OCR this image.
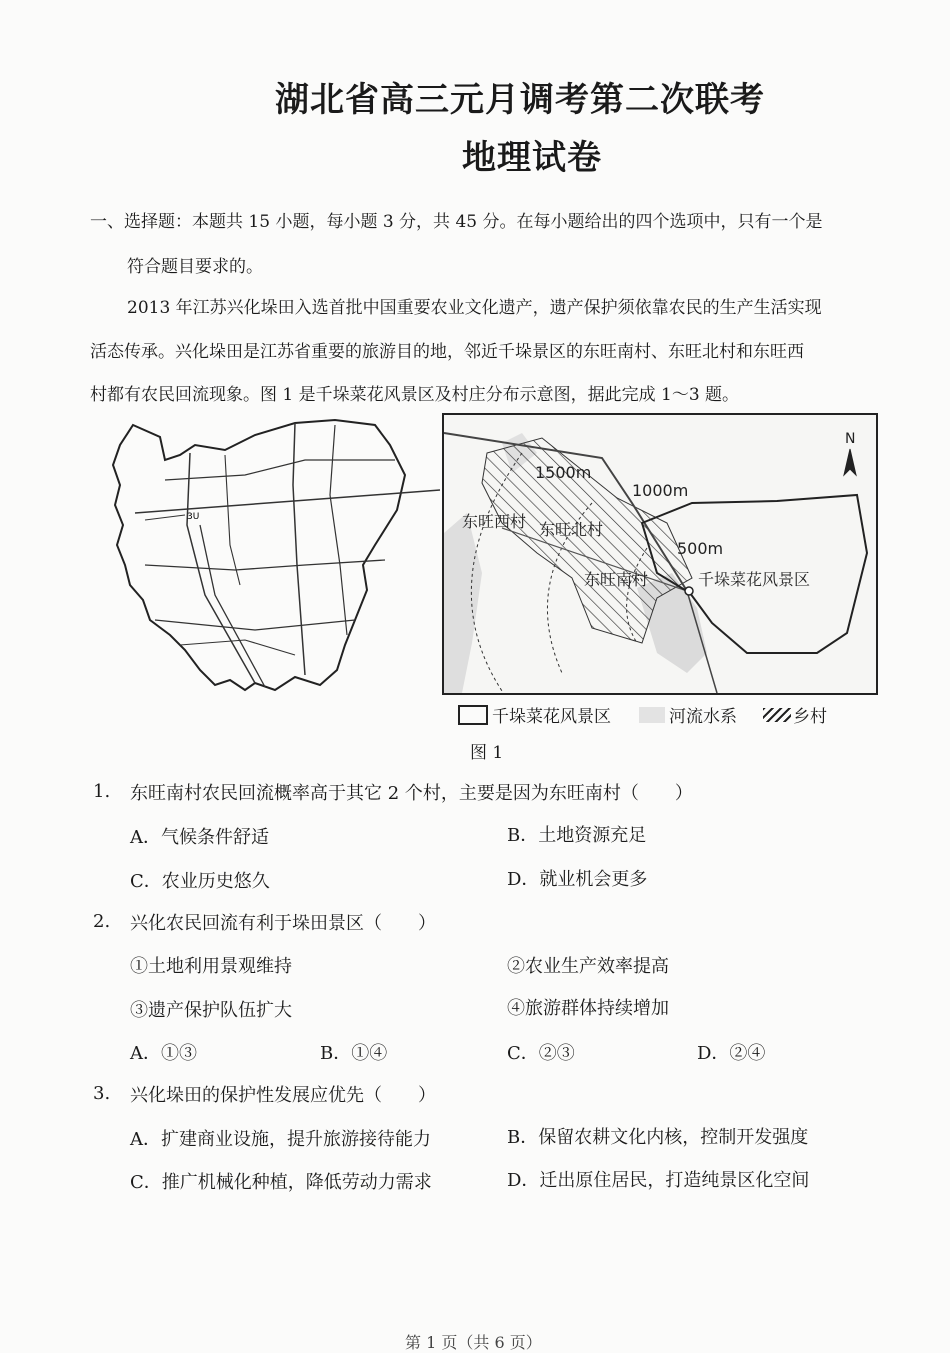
湖北省高三元月调考第二次联考
地理试卷
一、选择题：本题共 15 小题，每小题 3 分，共 45 分。在每小题给出的四个选项中，只有一个是
符合题目要求的。
2013 年江苏兴化垛田入选首批中国重要农业文化遗产，遗产保护须依靠农民的生产生活实现
活态传承。兴化垛田是江苏省重要的旅游目的地，邻近千垛景区的东旺南村、东旺北村和东旺西
村都有农民回流现象。图 1 是千垛菜花风景区及村庄分布示意图，据此完成 1～3 题。
3U
N
1500m
1000m
500m
东旺西村 东旺北村
东旺南村	千垛菜花风景区
千垛菜花风景区	河流水系	乡村
图 1
1. 东旺南村农民回流概率高于其它 2 个村，主要是因为东旺南村（　　）
A．气候条件舒适	B．土地资源充足
C．农业历史悠久	D．就业机会更多
2. 兴化农民回流有利于垛田景区（　　）
①土地利用景观维持	②农业生产效率提高
③遗产保护队伍扩大	④旅游群体持续增加
A．①③	B．①④	C．②③	D．②④
3. 兴化垛田的保护性发展应优先（　　）
A．扩建商业设施，提升旅游接待能力	B．保留农耕文化内核，控制开发强度
C．推广机械化种植，降低劳动力需求	D．迁出原住居民，打造纯景区化空间
第 1 页（共 6 页）
